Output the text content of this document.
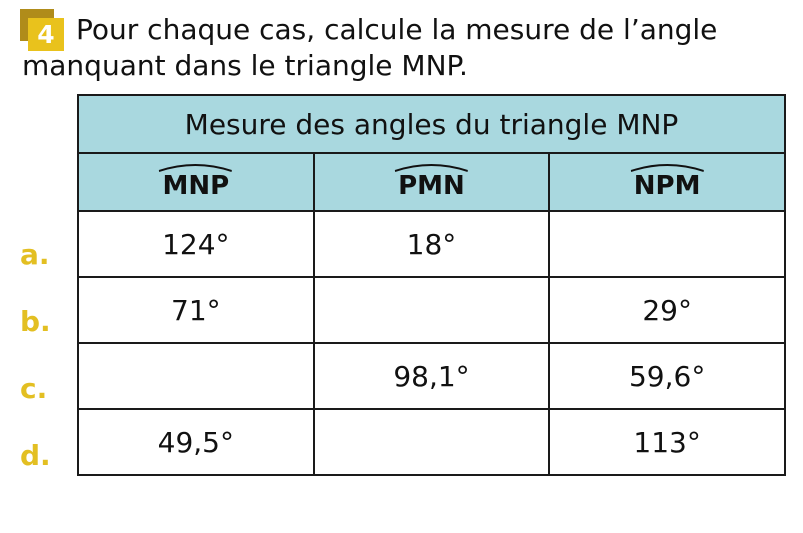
4 Pour chaque cas, calcule la mesure de l’angle manquant dans le triangle MNP.

Mesure des angles du triangle MNP		

MNP	PMN	NPM
124°	18°	
71°		29°
	98,1°	59,6°
49,5°		113°
a.
b.
c.
d.
